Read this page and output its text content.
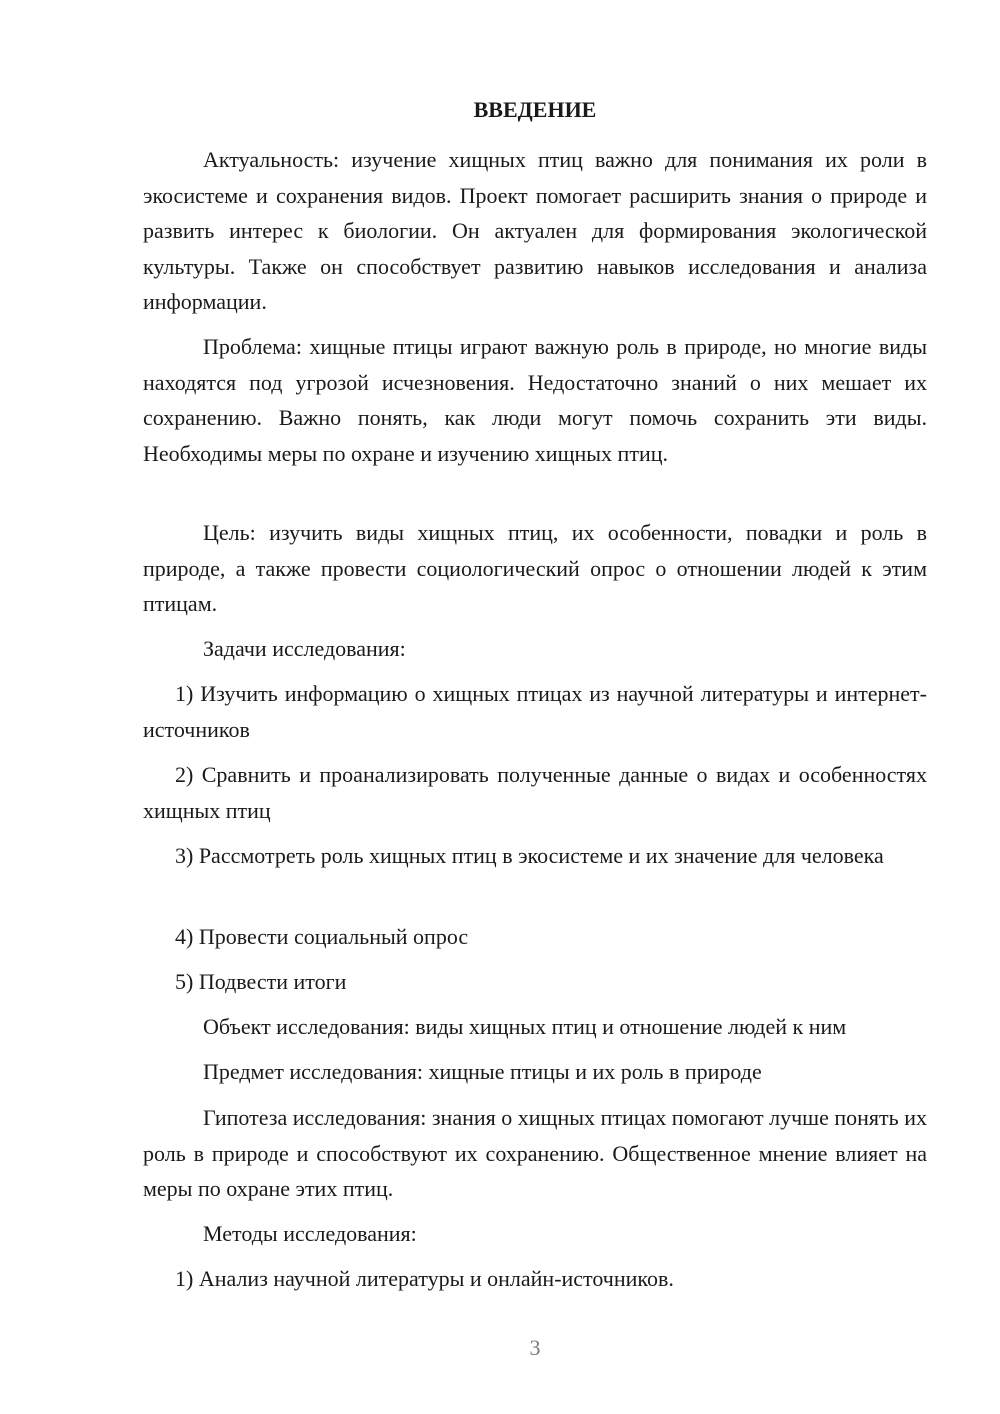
ВВЕДЕНИЕ

Актуальность: изучение хищных птиц важно для понимания их роли в экосистеме и сохранения видов. Проект помогает расширить знания о природе и развить интерес к биологии. Он актуален для формирования экологической культуры. Также он способствует развитию навыков исследования и анализа информации.

Проблема: хищные птицы играют важную роль в природе, но многие виды находятся под угрозой исчезновения. Недостаточно знаний о них мешает их сохранению. Важно понять, как люди могут помочь сохранить эти виды. Необходимы меры по охране и изучению хищных птиц.

Цель: изучить виды хищных птиц, их особенности, повадки и роль в природе, а также провести социологический опрос о отношении людей к этим птицам.

Задачи исследования:

1) Изучить информацию о хищных птицах из научной литературы и интернет-источников

2) Сравнить и проанализировать полученные данные о видах и особенностях хищных птиц

3) Рассмотреть роль хищных птиц в экосистеме и их значение для человека

4) Провести социальный опрос

5) Подвести итоги

Объект исследования: виды хищных птиц и отношение людей к ним

Предмет исследования: хищные птицы и их роль в природе

Гипотеза исследования: знания о хищных птицах помогают лучше понять их роль в природе и способствуют их сохранению. Общественное мнение влияет на меры по охране этих птиц.

Методы исследования:

1) Анализ научной литературы и онлайн-источников.

3
